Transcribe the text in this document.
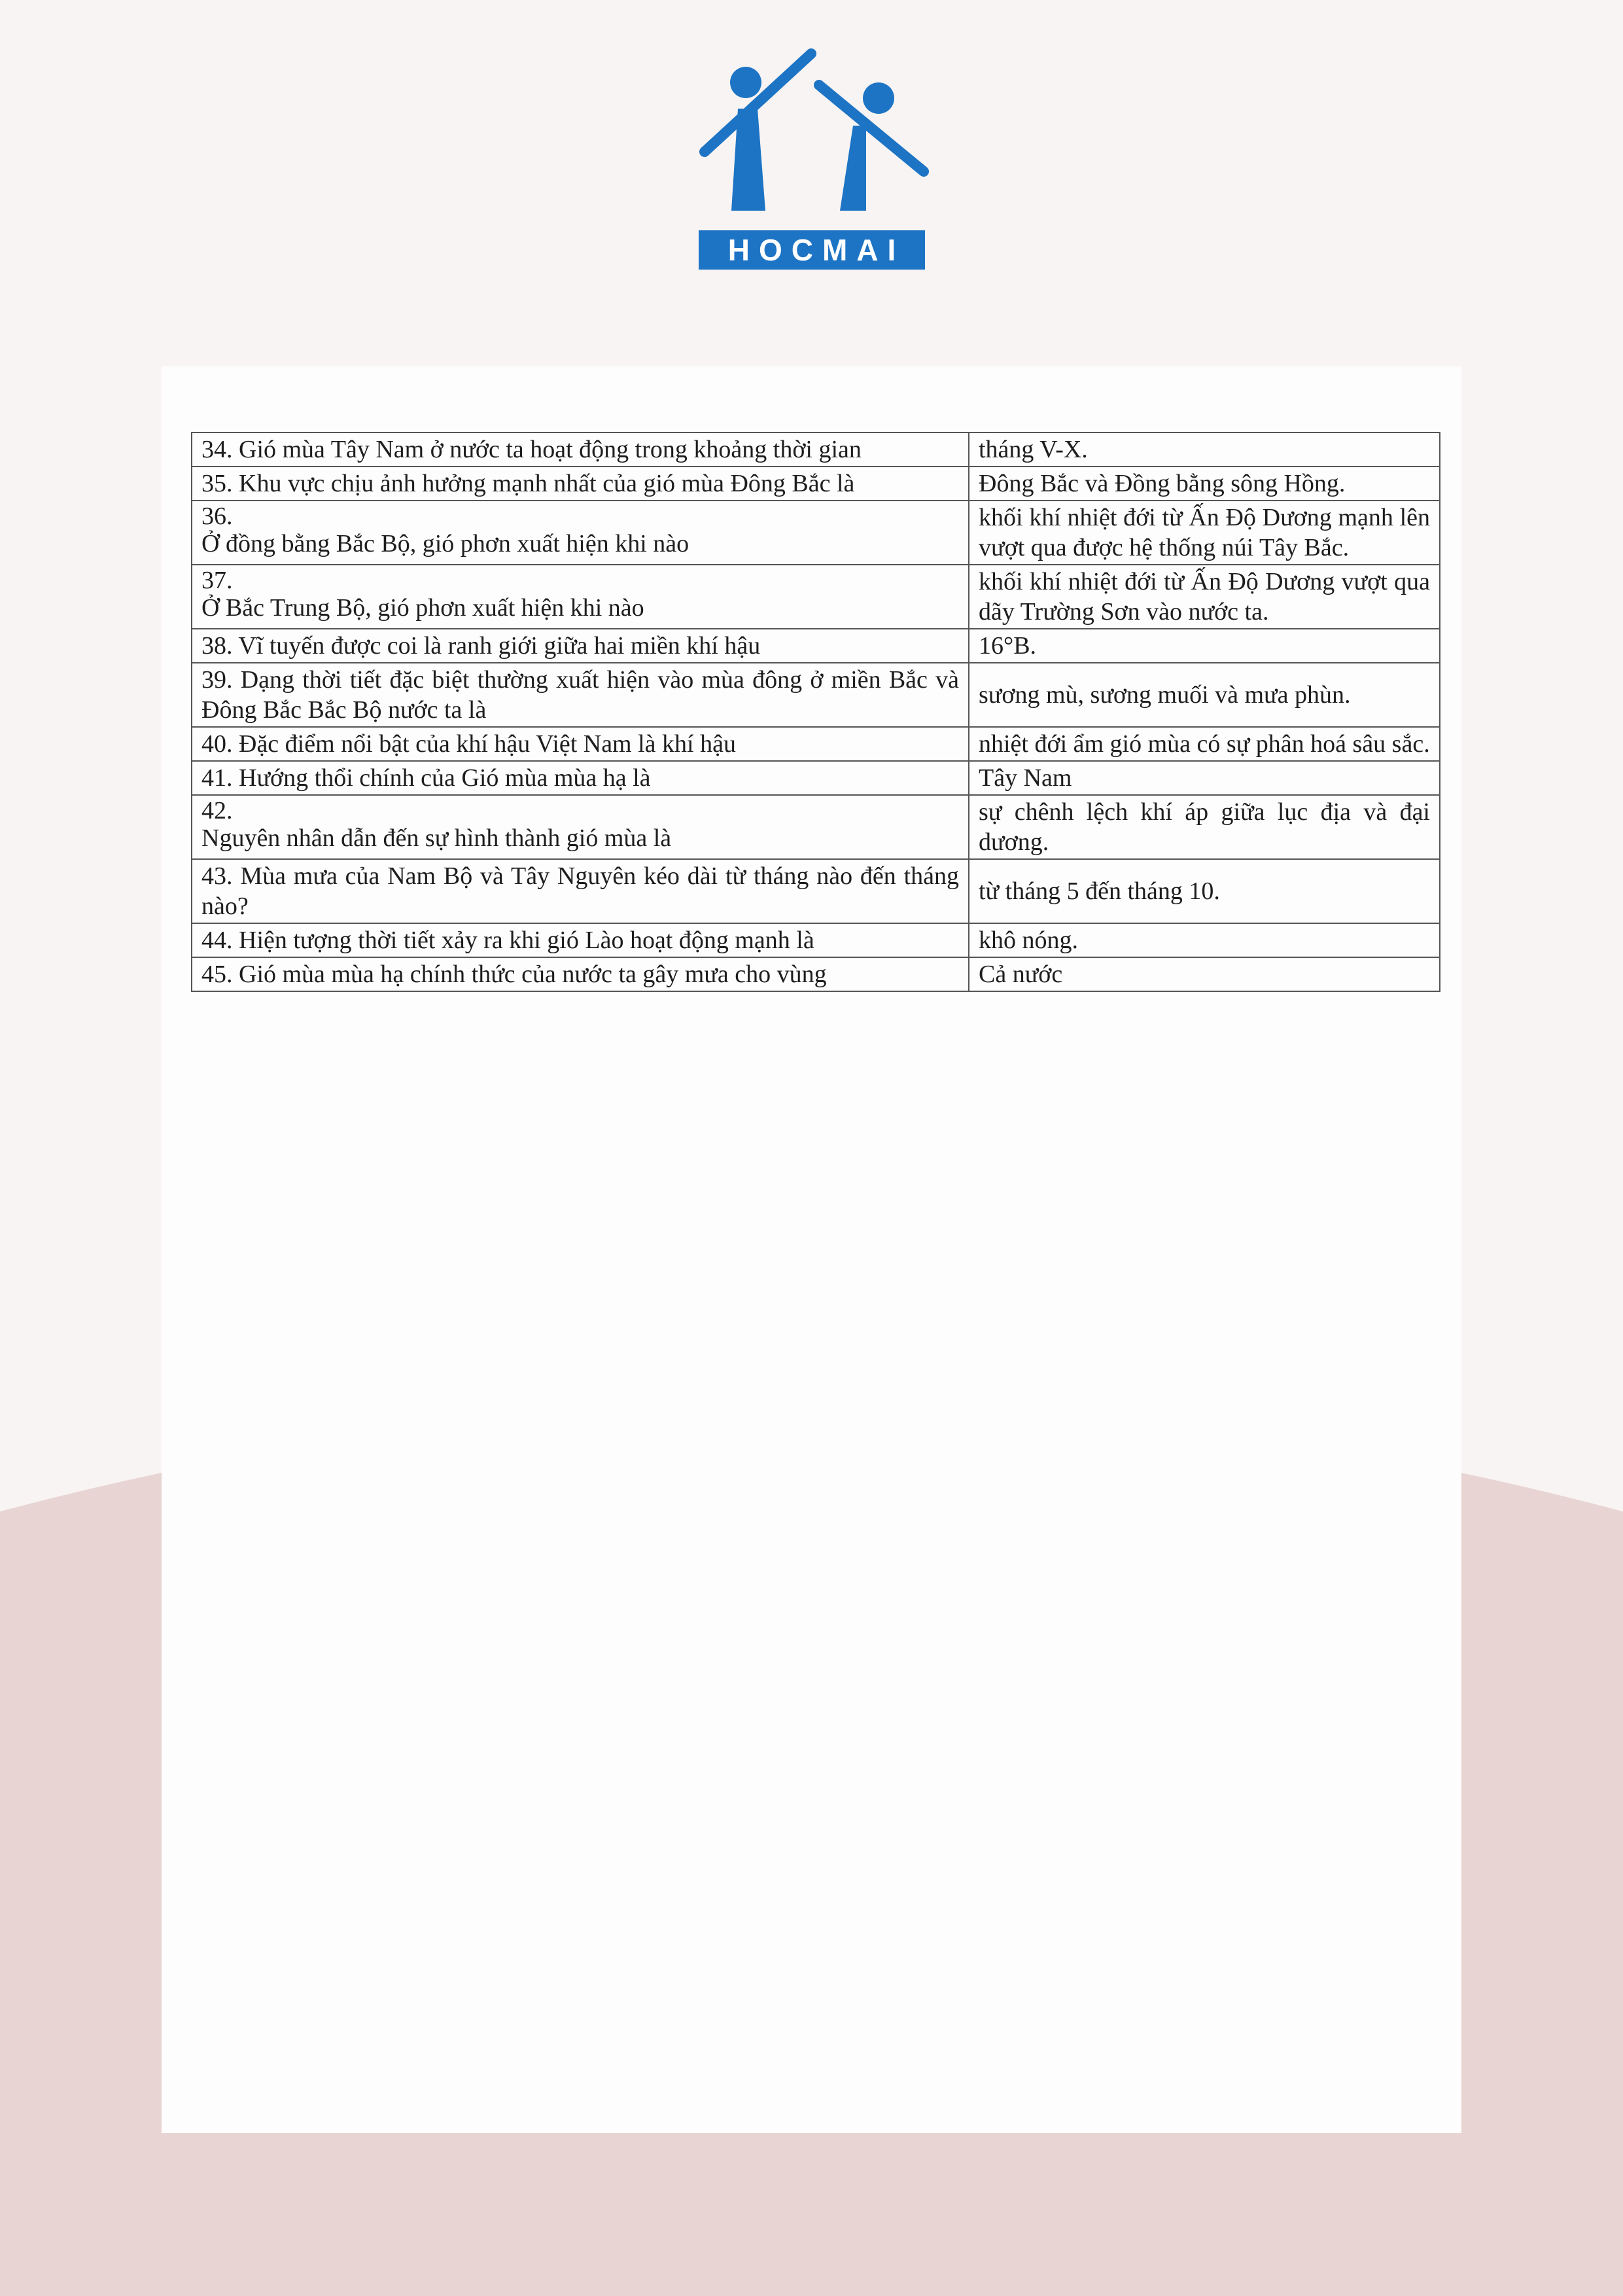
HOCMAI
34. Gió mùa Tây Nam ở nước ta hoạt động trong khoảng thời gian	tháng V-X.
35. Khu vực chịu ảnh hưởng mạnh nhất của gió mùa Đông Bắc là	Đông Bắc và Đồng bằng sông Hồng.

36.
Ở đồng bằng Bắc Bộ, gió phơn xuất hiện khi nào	khối khí nhiệt đới từ Ấn Độ Dương mạnh lên vượt qua được hệ thống núi Tây Bắc.

37.
Ở Bắc Trung Bộ, gió phơn xuất hiện khi nào	khối khí nhiệt đới từ Ấn Độ Dương vượt qua dãy Trường Sơn vào nước ta.
38. Vĩ tuyến được coi là ranh giới giữa hai miền khí hậu	16°B.
39. Dạng thời tiết đặc biệt thường xuất hiện vào mùa đông ở miền Bắc và Đông Bắc Bắc Bộ nước ta là	sương mù, sương muối và mưa phùn.
40. Đặc điểm nổi bật của khí hậu Việt Nam là khí hậu	nhiệt đới ẩm gió mùa có sự phân hoá sâu sắc.
41. Hướng thổi chính của Gió mùa mùa hạ là	Tây Nam

42.
Nguyên nhân dẫn đến sự hình thành gió mùa là	sự chênh lệch khí áp giữa lục địa và đại dương.
43. Mùa mưa của Nam Bộ và Tây Nguyên kéo dài từ tháng nào đến tháng nào?	từ tháng 5 đến tháng 10.
44. Hiện tượng thời tiết xảy ra khi gió Lào hoạt động mạnh là	khô nóng.
45. Gió mùa mùa hạ chính thức của nước ta gây mưa cho vùng	Cả nước
